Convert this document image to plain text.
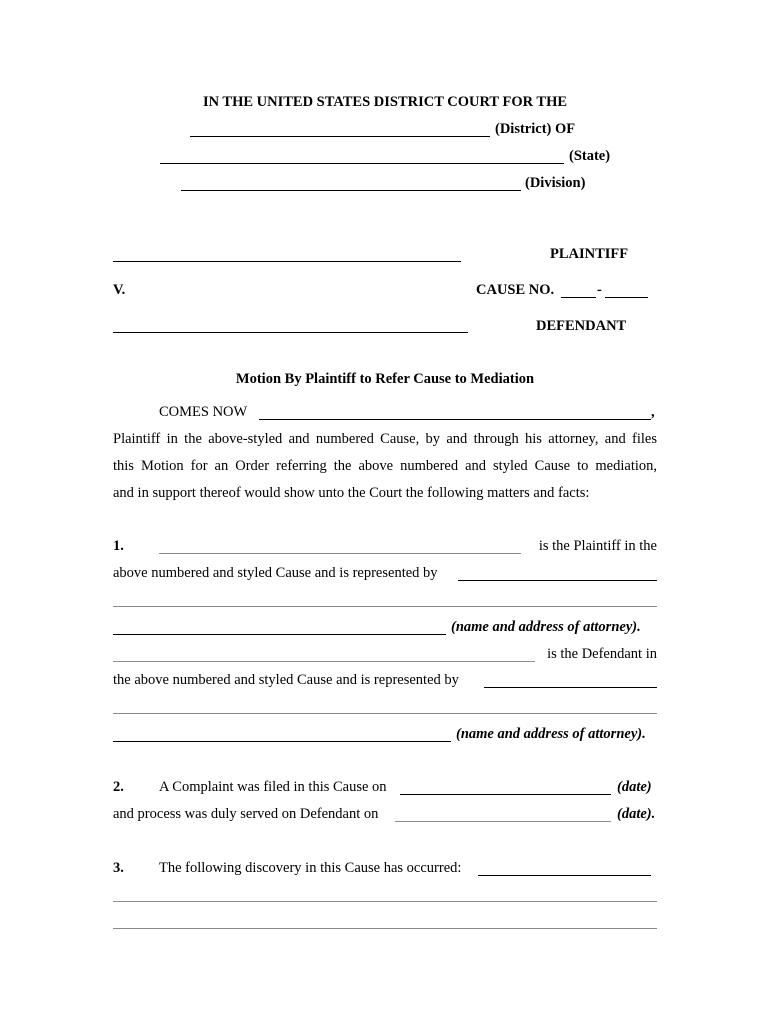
IN THE UNITED STATES DISTRICT COURT FOR THE
(District) OF
(State)
(Division)
PLAINTIFF
V.	CAUSE NO.	-
DEFENDANT
Motion By Plaintiff to Refer Cause to Mediation
COMES NOW	,
Plaintiff in the above-styled and numbered Cause, by and through his attorney, and files
this Motion for an Order referring the above numbered and styled Cause to mediation,
and in support thereof would show unto the Court the following matters and facts:
1.	is the Plaintiff in the
above numbered and styled Cause and is represented by
(name and address of attorney).
is the Defendant in
the above numbered and styled Cause and is represented by
(name and address of attorney).
2. A Complaint was filed in this Cause on	(date)
and process was duly served on Defendant on	(date).
3. The following discovery in this Cause has occurred:
